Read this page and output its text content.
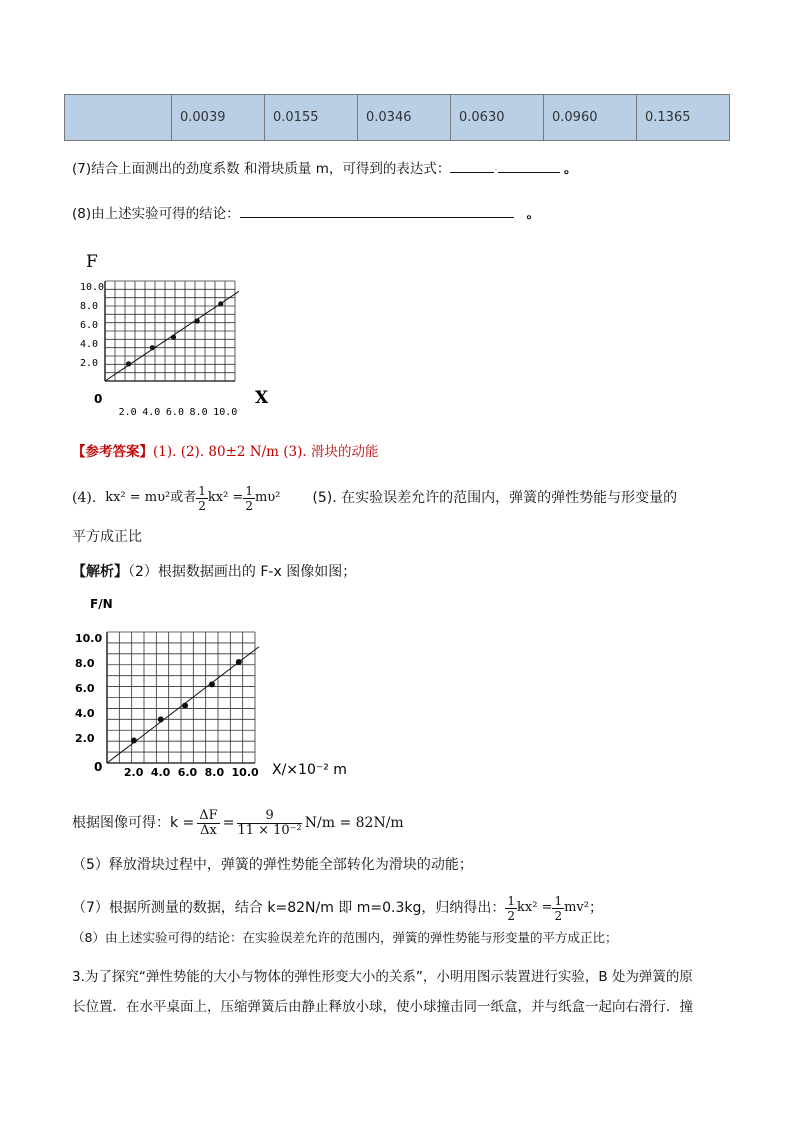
	0.0039	0.0155	0.0346	0.0630	0.0960	0.1365
(7)结合上面测出的劲度系数 和滑块质量 m，可得到的表达式：	·	。
(8)由上述实验可得的结论：	。
F
X
0
10.0
8.0
6.0
4.0
2.0
2.0 4.0 6.0 8.0 10.0
【参考答案】(1). (2). 80±2 N/m (3). 滑块的动能
(4).
kx² = mυ²或者 $\frac{1}{2} kx^2 = \frac{1}{2} m\upsilon^2$ (5). 在实验误差允许的范围内，弹簧的弹性势能与形变量的
平方成正比
【解析】（2）根据数据画出的 F-x 图像如图；
F/N
X/×10⁻² m
0
10.0
8.0
6.0
4.0
2.0
2.0 4.0 6.0 8.0 10.0
根据图像可得：$k = \frac{\Delta F}{\Delta x} = \frac{9}{\text{11 × 10⁻²}} N/m = 82N/m$
（5）释放滑块过程中，弹簧的弹性势能全部转化为滑块的动能；
（7）根据所测量的数据，结合 k=82N/m 即 m=0.3kg，归纳得出： $\frac{1}{2} kx^2 = \frac{1}{2} mv^2$ ；
（8）由上述实验可得的结论：在实验误差允许的范围内，弹簧的弹性势能与形变量的平方成正比；
3.为了探究“弹性势能的大小与物体的弹性形变大小的关系”，小明用图示装置进行实验，B 处为弹簧的原
长位置．在水平桌面上，压缩弹簧后由静止释放小球，使小球撞击同一纸盒，并与纸盒一起向右滑行．撞
